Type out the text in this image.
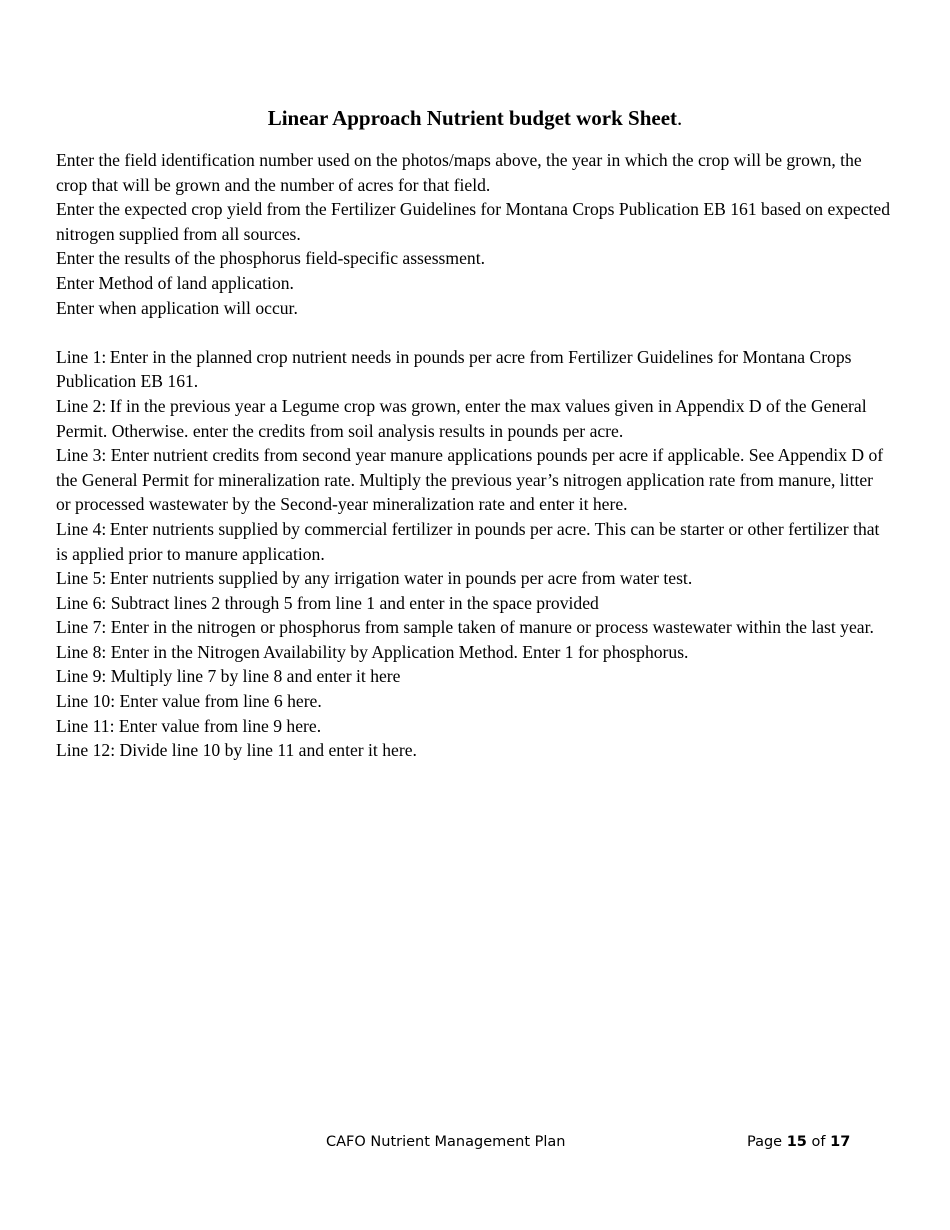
Linear Approach Nutrient budget work Sheet.

Enter the field identification number used on the photos/maps above, the year in which the crop will be grown, the crop that will be grown and the number of acres for that field.

Enter the expected crop yield from the Fertilizer Guidelines for Montana Crops Publication EB 161 based on expected nitrogen supplied from all sources.

Enter the results of the phosphorus field-specific assessment.

Enter Method of land application.

Enter when application will occur.

Line 1: Enter in the planned crop nutrient needs in pounds per acre from Fertilizer Guidelines for Montana Crops Publication EB 161.

Line 2: If in the previous year a Legume crop was grown, enter the max values given in Appendix D of the General Permit. Otherwise. enter the credits from soil analysis results in pounds per acre.

Line 3: Enter nutrient credits from second year manure applications pounds per acre if applicable. See Appendix D of the General Permit for mineralization rate. Multiply the previous year’s nitrogen application rate from manure, litter or processed wastewater by the Second-year mineralization rate and enter it here.

Line 4: Enter nutrients supplied by commercial fertilizer in pounds per acre. This can be starter or other fertilizer that is applied prior to manure application.

Line 5: Enter nutrients supplied by any irrigation water in pounds per acre from water test.

Line 6: Subtract lines 2 through 5 from line 1 and enter in the space provided

Line 7: Enter in the nitrogen or phosphorus from sample taken of manure or process wastewater within the last year.

Line 8: Enter in the Nitrogen Availability by Application Method. Enter 1 for phosphorus.

Line 9: Multiply line 7 by line 8 and enter it here

Line 10: Enter value from line 6 here.

Line 11: Enter value from line 9 here.

Line 12: Divide line 10 by line 11 and enter it here.

CAFO Nutrient Management Plan	Page 15 of 17
